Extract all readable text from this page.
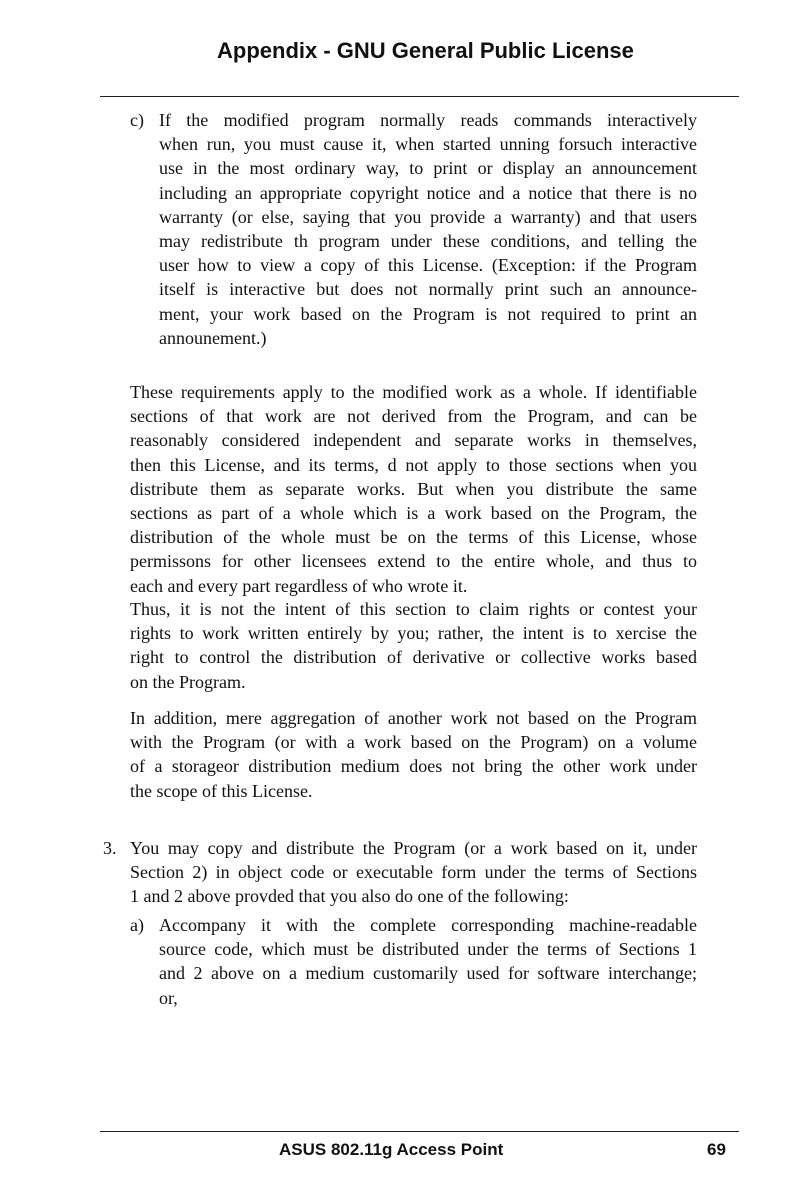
Appendix - GNU General Public License
c) If the modified program normally reads commands interactively
when run, you must cause it, when started unning forsuch interactive
use in the most ordinary way, to print or display an announcement
including an appropriate copyright notice and a notice that there is no
warranty (or else, saying that you provide a warranty) and that users
may redistribute th program under these conditions, and telling the
user how to view a copy of this License. (Exception: if the Program
itself is interactive but does not normally print such an announce-
ment, your work based on the Program is not required to print an
announement.)
These requirements apply to the modified work as a whole. If identifiable
sections of that work are not derived from the Program, and can be
reasonably considered independent and separate works in themselves,
then this License, and its terms, d not apply to those sections when you
distribute them as separate works. But when you distribute the same
sections as part of a whole which is a work based on the Program, the
distribution of the whole must be on the terms of this License, whose
permissons for other licensees extend to the entire whole, and thus to
each and every part regardless of who wrote it.
Thus, it is not the intent of this section to claim rights or contest your
rights to work written entirely by you; rather, the intent is to xercise the
right to control the distribution of derivative or collective works based
on the Program.
In addition, mere aggregation of another work not based on the Program
with the Program (or with a work based on the Program) on a volume
of a storageor distribution medium does not bring the other work under
the scope of this License.
3. You may copy and distribute the Program (or a work based on it, under
Section 2) in object code or executable form under the terms of Sections
1 and 2 above provded that you also do one of the following:
a) Accompany it with the complete corresponding machine-readable
source code, which must be distributed under the terms of Sections 1
and 2 above on a medium customarily used for software interchange;
or,
ASUS 802.11g Access Point	69
